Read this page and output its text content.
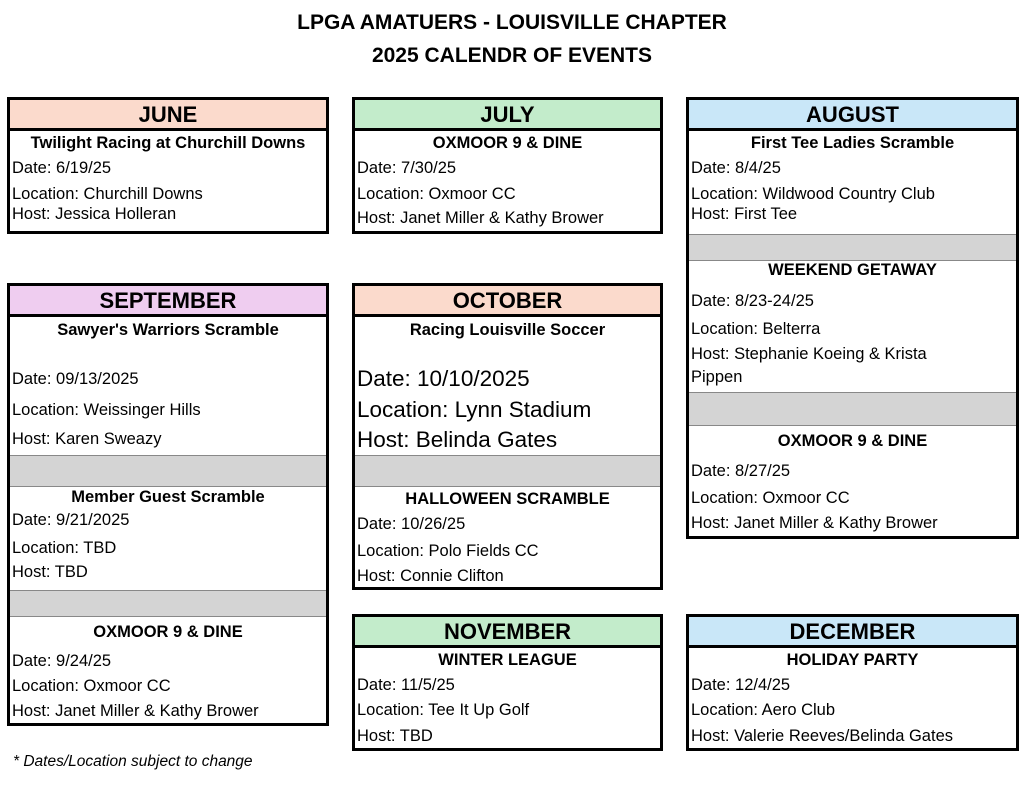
LPGA AMATUERS - LOUISVILLE CHAPTER
2025 CALENDR OF EVENTS
JUNE
Twilight Racing at Churchill Downs
Date: 6/19/25
Location: Churchill Downs
Host: Jessica Holleran
JULY
OXMOOR 9 & DINE
Date: 7/30/25
Location: Oxmoor CC
Host: Janet Miller & Kathy Brower
AUGUST
First Tee Ladies Scramble
Date: 8/4/25
Location: Wildwood Country Club
Host: First Tee
WEEKEND GETAWAY
Date: 8/23-24/25
Location: Belterra
Host: Stephanie Koeing & Krista
Pippen
OXMOOR 9 & DINE
Date: 8/27/25
Location: Oxmoor CC
Host: Janet Miller & Kathy Brower
SEPTEMBER
Sawyer's Warriors Scramble
Date: 09/13/2025
Location: Weissinger Hills
Host: Karen Sweazy
Member Guest Scramble
Date: 9/21/2025
Location: TBD
Host: TBD
OXMOOR 9 & DINE
Date: 9/24/25
Location: Oxmoor CC
Host: Janet Miller & Kathy Brower
OCTOBER
Racing Louisville Soccer
Date: 10/10/2025
Location: Lynn Stadium
Host: Belinda Gates
HALLOWEEN SCRAMBLE
Date: 10/26/25
Location: Polo Fields CC
Host: Connie Clifton
NOVEMBER
WINTER LEAGUE
Date: 11/5/25
Location: Tee It Up Golf
Host: TBD
DECEMBER
HOLIDAY PARTY
Date: 12/4/25
Location: Aero Club
Host: Valerie Reeves/Belinda Gates
* Dates/Location subject to change
